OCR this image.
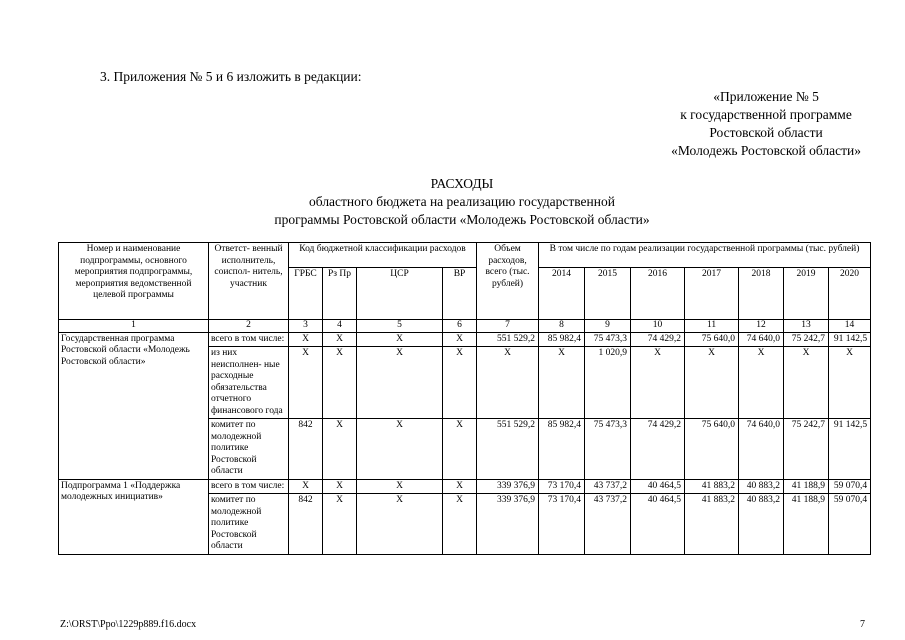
3. Приложения № 5 и 6 изложить в редакции:
«Приложение № 5
к государственной программе
Ростовской области
«Молодежь Ростовской области»
РАСХОДЫ
областного бюджета на реализацию государственной
программы Ростовской области «Молодежь Ростовской области»
Номер и наименование подпрограммы, основного мероприятия подпрограммы, мероприятия ведомственной целевой программы	Ответст- венный исполнитель, соиспол- нитель, участник	Код бюджетной классификации расходов				Объем расходов, всего (тыс. рублей)	В том числе по годам реализации государственной программы (тыс. рублей)						
		ГРБС	Рз Пр	ЦСР	ВР		2014	2015	2016	2017	2018	2019	2020
1	2	3	4	5	6	7	8	9	10	11	12	13	14
Государственная программа Ростовской области «Молодежь Ростовской области»	всего в том числе:	Х	Х	Х	Х	551 529,2	85 982,4	75 473,3	74 429,2	75 640,0	74 640,0	75 242,7	91 142,5
	из них неисполнен- ные расходные обязательства отчетного финансового года	Х	Х	Х	Х	Х	Х	1 020,9	Х	Х	Х	Х	Х
	комитет по молодежной политике Ростовской области	842	Х	Х	Х	551 529,2	85 982,4	75 473,3	74 429,2	75 640,0	74 640,0	75 242,7	91 142,5
Подпрограмма 1 «Поддержка молодежных инициатив»	всего в том числе:	Х	Х	Х	Х	339 376,9	73 170,4	43 737,2	40 464,5	41 883,2	40 883,2	41 188,9	59 070,4
	комитет по молодежной политике Ростовской области	842	Х	Х	Х	339 376,9	73 170,4	43 737,2	40 464,5	41 883,2	40 883,2	41 188,9	59 070,4
Z:\ORST\Ppo\1229p889.f16.docx	7
